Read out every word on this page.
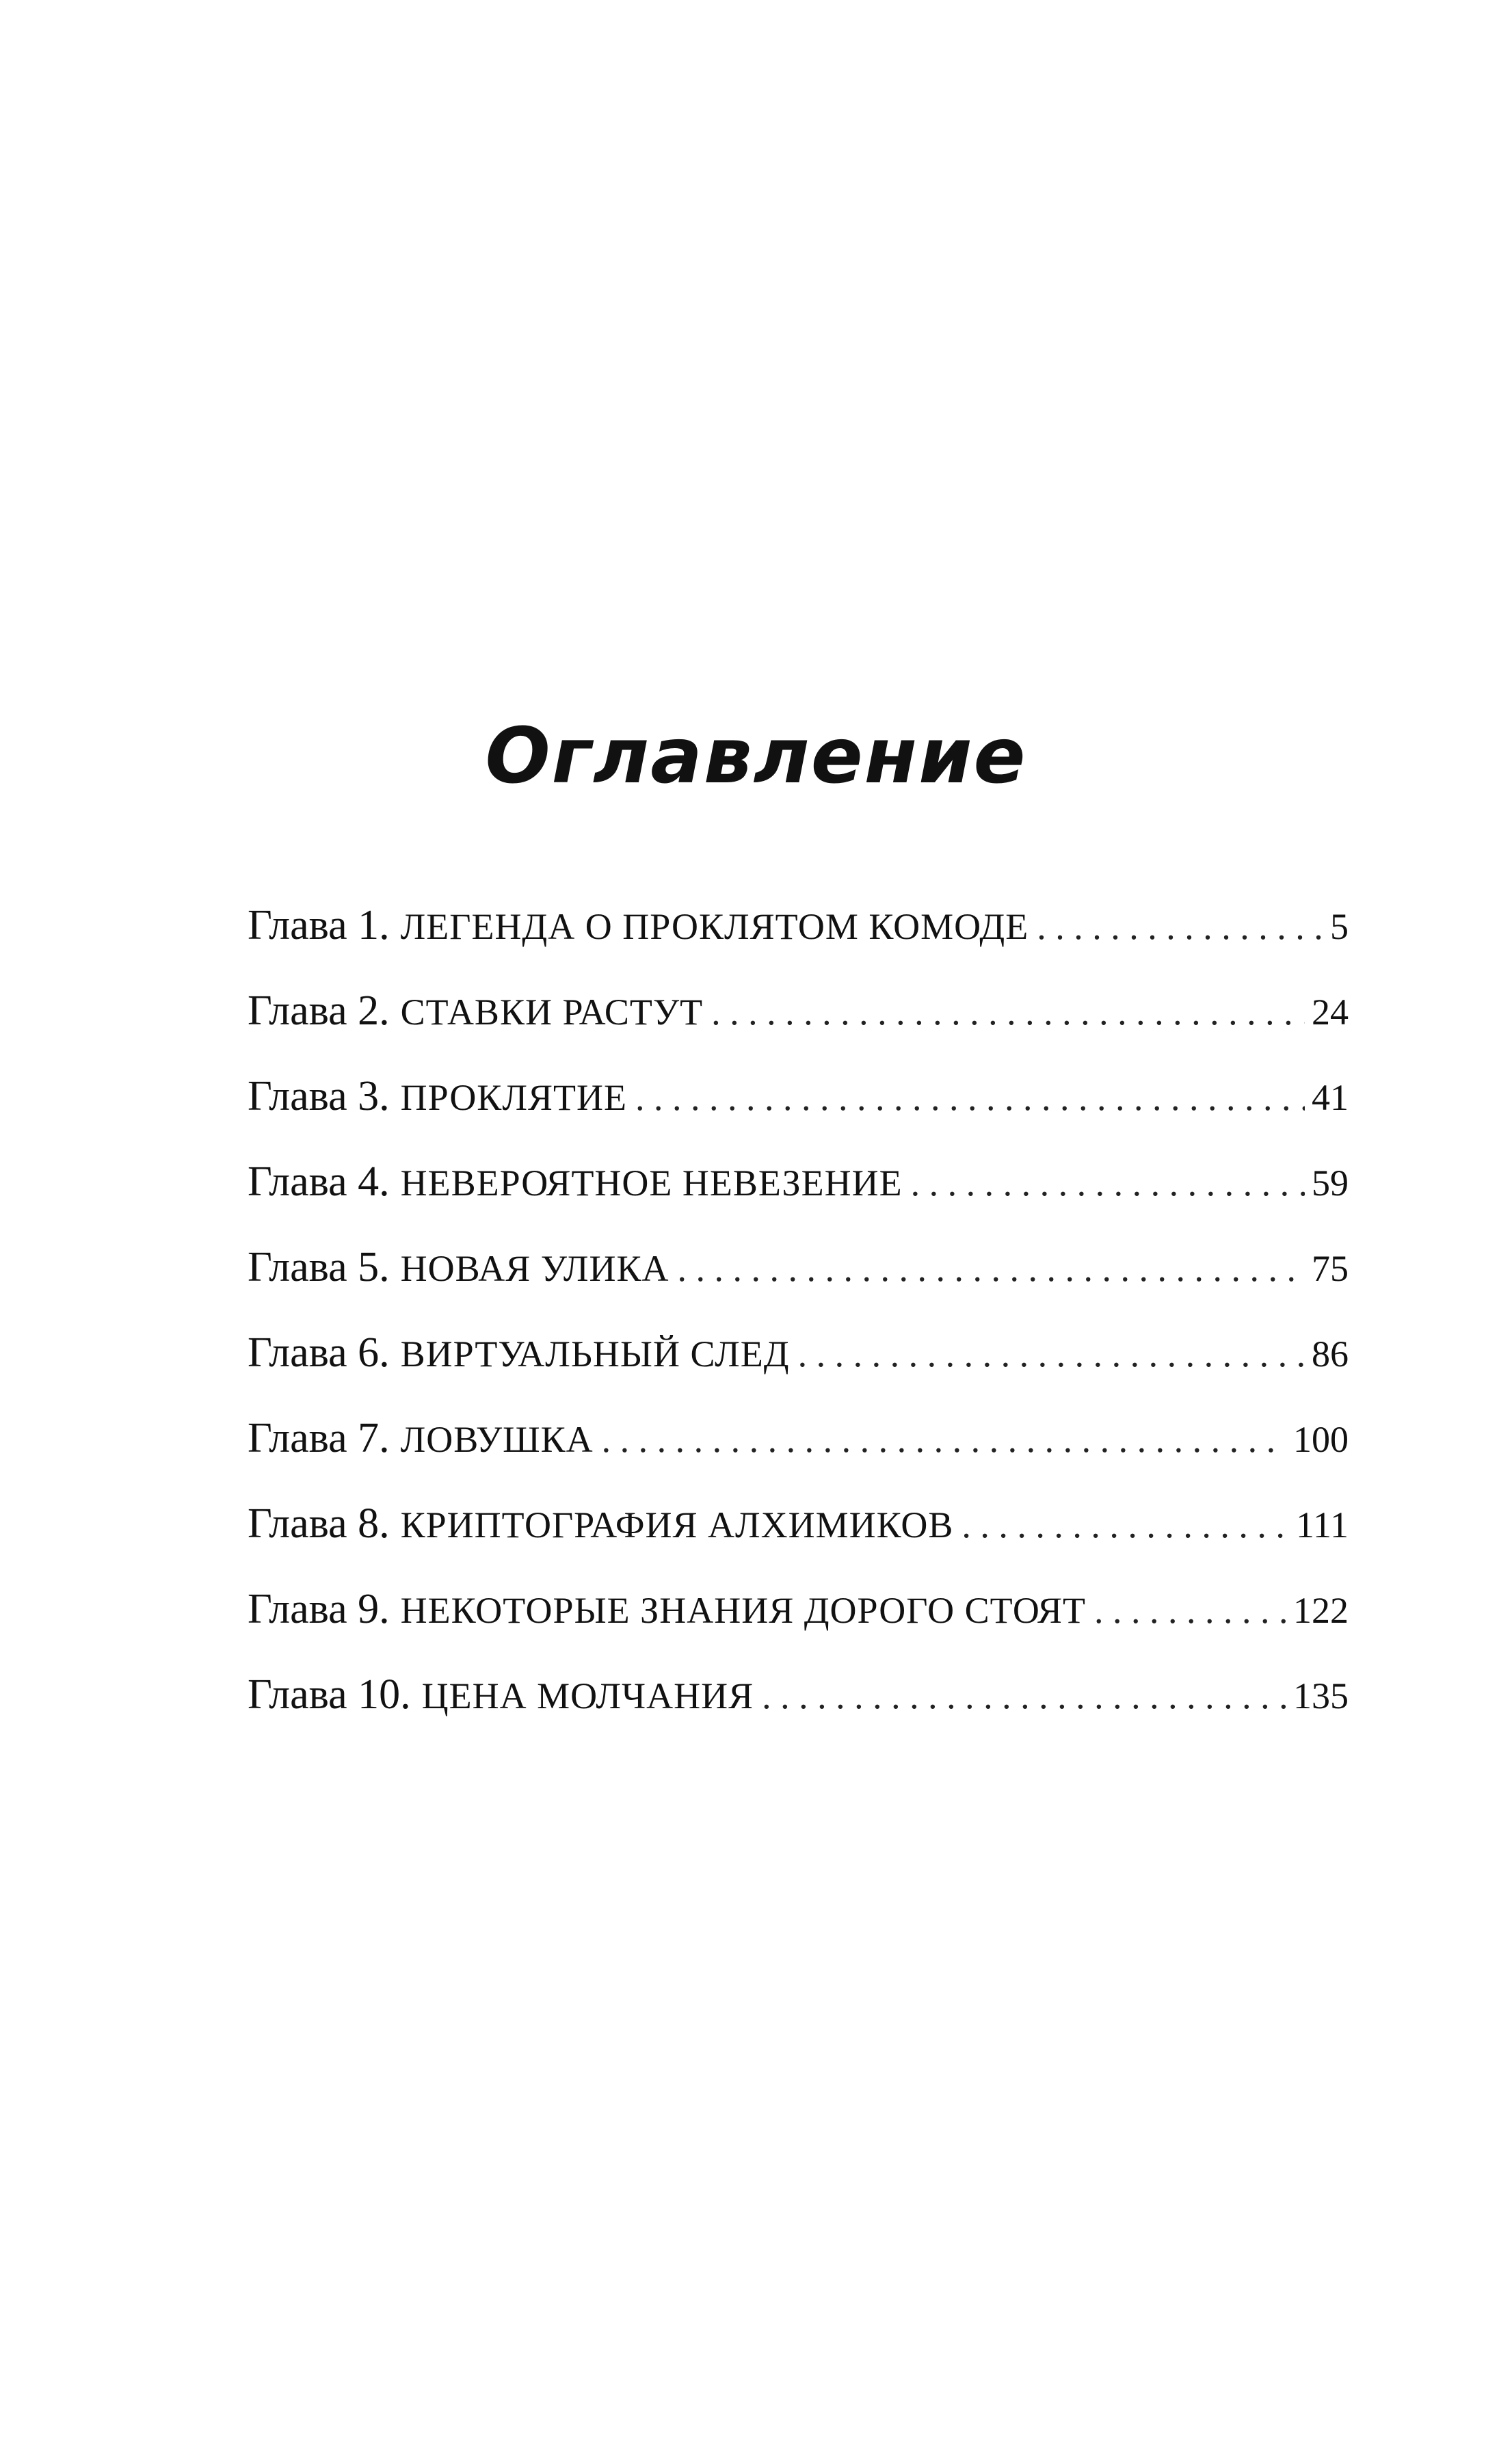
Оглавление
Глава 1. ЛЕГЕНДА О ПРОКЛЯТОМ КОМОДЕ . . .	5
Глава 2. СТАВКИ РАСТУТ . . .	24
Глава 3. ПРОКЛЯТИЕ . . .	41
Глава 4. НЕВЕРОЯТНОЕ НЕВЕЗЕНИЕ . . .	59
Глава 5. НОВАЯ УЛИКА . . .	75
Глава 6. ВИРТУАЛЬНЫЙ СЛЕД . . .	86
Глава 7. ЛОВУШКА . . .	100
Глава 8. КРИПТОГРАФИЯ АЛХИМИКОВ . . .	111
Глава 9. НЕКОТОРЫЕ ЗНАНИЯ ДОРОГО СТОЯТ . . .	122
Глава 10. ЦЕНА МОЛЧАНИЯ . . .	135
